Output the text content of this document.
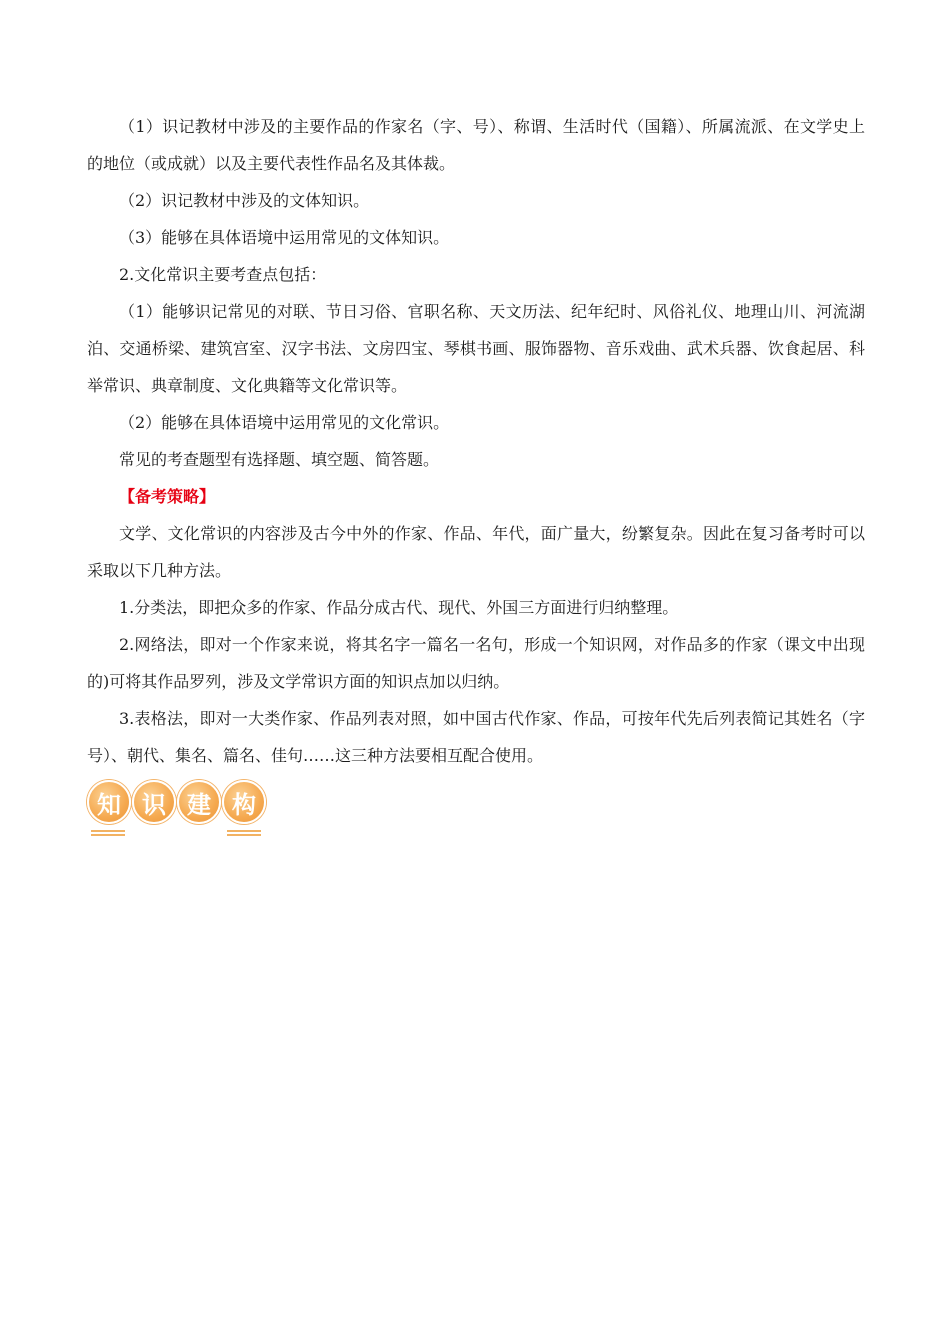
（1）识记教材中涉及的主要作品的作家名（字、号）、称谓、生活时代（国籍）、所属流派、在文学史上的地位（或成就）以及主要代表性作品名及其体裁。

（2）识记教材中涉及的文体知识。

（3）能够在具体语境中运用常见的文体知识。

2.文化常识主要考查点包括：

（1）能够识记常见的对联、节日习俗、官职名称、天文历法、纪年纪时、风俗礼仪、地理山川、河流湖泊、交通桥梁、建筑宫室、汉字书法、文房四宝、琴棋书画、服饰器物、音乐戏曲、武术兵器、饮食起居、科举常识、典章制度、文化典籍等文化常识等。

（2）能够在具体语境中运用常见的文化常识。

常见的考查题型有选择题、填空题、简答题。

【备考策略】

文学、文化常识的内容涉及古今中外的作家、作品、年代，面广量大，纷繁复杂。因此在复习备考时可以采取以下几种方法。

1.分类法，即把众多的作家、作品分成古代、现代、外国三方面进行归纳整理。

2.网络法，即对一个作家来说，将其名字一篇名一名句，形成一个知识网，对作品多的作家（课文中出现的)可将其作品罗列，涉及文学常识方面的知识点加以归纳。

3.表格法，即对一大类作家、作品列表对照，如中国古代作家、作品，可按年代先后列表简记其姓名（字号）、朝代、集名、篇名、佳句……这三种方法要相互配合使用。

知 识 建 构
